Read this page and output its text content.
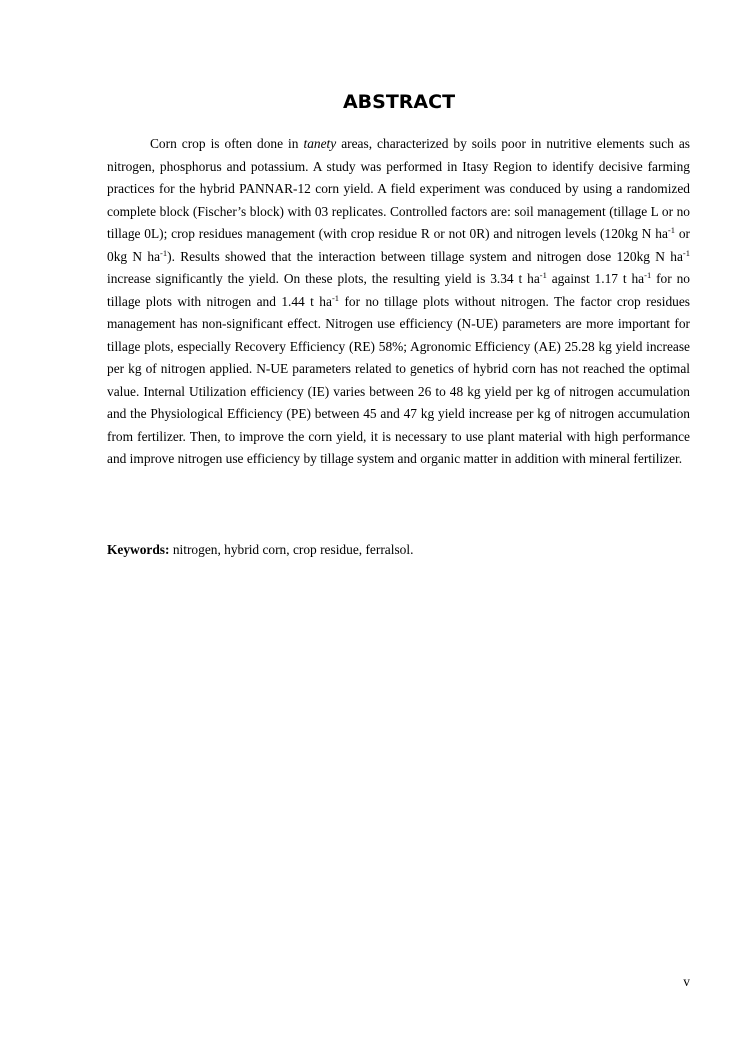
ABSTRACT

Corn crop is often done in tanety areas, characterized by soils poor in nutritive elements such as nitrogen, phosphorus and potassium. A study was performed in Itasy Region to identify decisive farming practices for the hybrid PANNAR-12 corn yield. A field experiment was conduced by using a randomized complete block (Fischer’s block) with 03 replicates. Controlled factors are: soil management (tillage L or no tillage 0L); crop residues management (with crop residue R or not 0R) and nitrogen levels (120kg N $ha^{-1}$ or 0kg N $ha^{-1}$). Results showed that the interaction between tillage system and nitrogen dose 120kg N $ha^{-1}$ increase significantly the yield. On these plots, the resulting yield is 3.34 t $ha^{-1}$ against 1.17 t $ha^{-1}$ for no tillage plots with nitrogen and 1.44 t $ha^{-1}$ for no tillage plots without nitrogen. The factor crop residues management has non-significant effect. Nitrogen use efficiency (N-UE) parameters are more important for tillage plots, especially Recovery Efficiency (RE) 58%; Agronomic Efficiency (AE) 25.28 kg yield increase per kg of nitrogen applied. N-UE parameters related to genetics of hybrid corn has not reached the optimal value. Internal Utilization efficiency (IE) varies between 26 to 48 kg yield per kg of nitrogen accumulation and the Physiological Efficiency (PE) between 45 and 47 kg yield increase per kg of nitrogen accumulation from fertilizer. Then, to improve the corn yield, it is necessary to use plant material with high performance and improve nitrogen use efficiency by tillage system and organic matter in addition with mineral fertilizer.

Keywords: nitrogen, hybrid corn, crop residue, ferralsol.

v
